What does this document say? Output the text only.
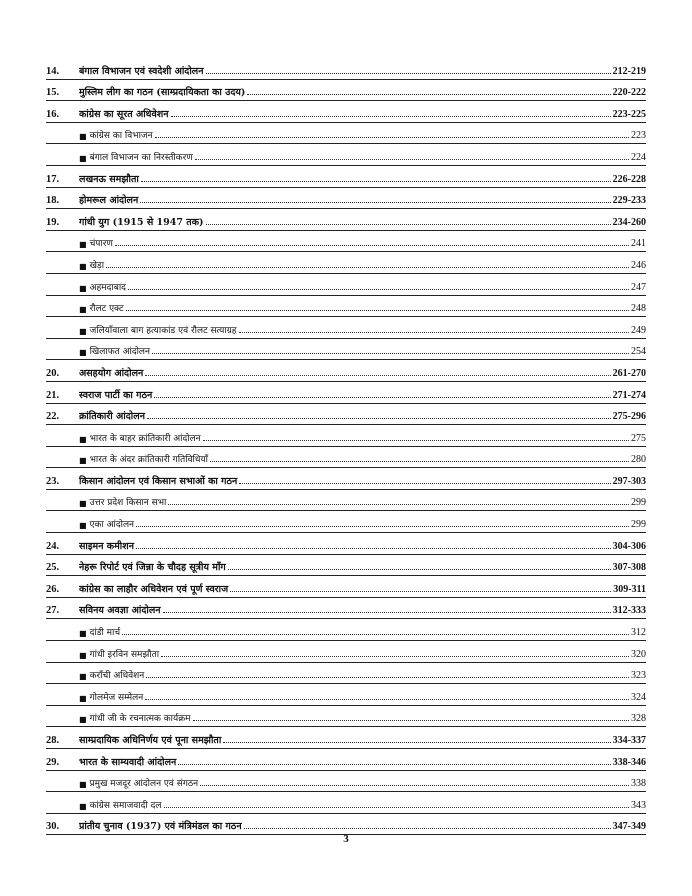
14.	बंगाल विभाजन एवं स्वदेशी आंदोलन	212-219
15.	मुस्लिम लीग का गठन (साम्प्रदायिकता का उदय)	220-222
16.	कांग्रेस का सूरत अधिवेशन	223-225
■ कांग्रेस का विभाजन	223
■ बंगाल विभाजन का निरस्तीकरण	224
17.	लखनऊ समझौता	226-228
18.	होमरूल आंदोलन	229-233
19.	गांधी युग (1915 से 1947 तक)	234-260
■ चंपारण	241
■ खेड़ा	246
■ अहमदाबाद	247
■ रौलट एक्ट	248
■ जलियाँवाला बाग हत्याकांड एवं रौलट सत्याग्रह	249
■ खिलाफत आंदोलन	254
20.	असहयोग आंदोलन	261-270
21.	स्वराज पार्टी का गठन	271-274
22.	क्रांतिकारी आंदोलन	275-296
■ भारत के बाहर क्रांतिकारी आंदोलन	275
■ भारत के अंदर क्रांतिकारी गतिविधियाँ	280
23.	किसान आंदोलन एवं किसान सभाओं का गठन	297-303
■ उत्तर प्रदेश किसान सभा	299
■ एका आंदोलन	299
24.	साइमन कमीशन	304-306
25.	नेहरू रिपोर्ट एवं जिन्ना के चौदह सूत्रीय माँग	307-308
26.	कांग्रेस का लाहौर अधिवेशन एवं पूर्ण स्वराज	309-311
27.	सविनय अवज्ञा आंदोलन	312-333
■ दांडी मार्च	312
■ गांधी इरविन समझौता	320
■ कराँची अधिवेशन	323
■ गोलमेज सम्मेलन	324
■ गांधी जी के रचनात्मक कार्यक्रम	328
28.	साम्प्रदायिक अधिनिर्णय एवं पूना समझौता	334-337
29.	भारत के साम्यवादी आंदोलन	338-346
■ प्रमुख मजदूर आंदोलन एवं संगठन	338
■ कांग्रेस समाजवादी दल	343
30.	प्रांतीय चुनाव (1937) एवं मंत्रिमंडल का गठन	347-349
3
